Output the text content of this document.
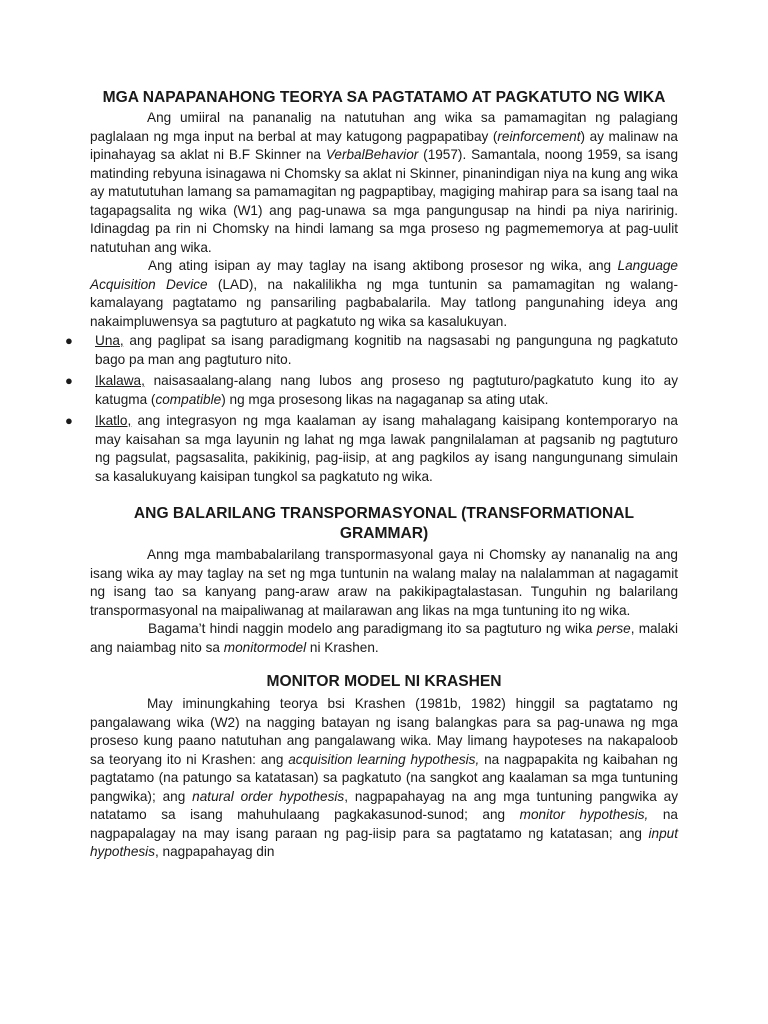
MGA NAPAPANAHONG TEORYA SA PAGTATAMO AT PAGKATUTO NG WIKA

Ang umiiral na pananalig na natutuhan ang wika sa pamamagitan ng palagiang paglalaan ng mga input na berbal at may katugong pagpapatibay (reinforcement) ay malinaw na ipinahayag sa aklat ni B.F Skinner na VerbalBehavior (1957). Samantala, noong 1959, sa isang matinding rebyuna isinagawa ni Chomsky sa aklat ni Skinner, pinanindigan niya na kung ang wika ay matututuhan lamang sa pamamagitan ng pagpaptibay, magiging mahirap para sa isang taal na tagapagsalita ng wika (W1) ang pag-unawa sa mga pangungusap na hindi pa niya naririnig. Idinagdag pa rin ni Chomsky na hindi lamang sa mga proseso ng pagmememorya at pag-uulit natutuhan ang wika.

Ang ating isipan ay may taglay na isang aktibong prosesor ng wika, ang Language Acquisition Device (LAD), na nakalilikha ng mga tuntunin sa pamamagitan ng walang-kamalayang pagtatamo ng pansariling pagbabalarila. May tatlong pangunahing ideya ang nakaimpluwensya sa pagtuturo at pagkatuto ng wika sa kasalukuyan.

● Una, ang paglipat sa isang paradigmang kognitib na nagsasabi ng pangunguna ng pagkatuto bago pa man ang pagtuturo nito.
● Ikalawa, naisasaalang-alang nang lubos ang proseso ng pagtuturo/pagkatuto kung ito ay katugma (compatible) ng mga prosesong likas na nagaganap sa ating utak.
● Ikatlo, ang integrasyon ng mga kaalaman ay isang mahalagang kaisipang kontemporaryo na may kaisahan sa mga layunin ng lahat ng mga lawak pangnilalaman at pagsanib ng pagtuturo ng pagsulat, pagsasalita, pakikinig, pag-iisip, at ang pagkilos ay isang nangungunang simulain sa kasalukuyang kaisipan tungkol sa pagkatuto ng wika.
ANG BALARILANG TRANSPORMASYONAL (TRANSFORMATIONAL GRAMMAR)

Anng mga mambabalarilang transpormasyonal gaya ni Chomsky ay nananalig na ang isang wika ay may taglay na set ng mga tuntunin na walang malay na nalalamman at nagagamit ng isang tao sa kanyang pang-araw araw na pakikipagtalastasan. Tunguhin ng balarilang transpormasyonal na maipaliwanag at mailarawan ang likas na mga tuntuning ito ng wika.

Bagama’t hindi naggin modelo ang paradigmang ito sa pagtuturo ng wika perse, malaki ang naiambag nito sa monitormodel ni Krashen.

MONITOR MODEL NI KRASHEN

May iminungkahing teorya bsi Krashen (1981b, 1982) hinggil sa pagtatamo ng pangalawang wika (W2) na nagging batayan ng isang balangkas para sa pag-unawa ng mga proseso kung paano natutuhan ang pangalawang wika. May limang haypoteses na nakapaloob sa teoryang ito ni Krashen: ang acquisition learning hypothesis, na nagpapakita ng kaibahan ng pagtatamo (na patungo sa katatasan) sa pagkatuto (na sangkot ang kaalaman sa mga tuntuning pangwika); ang natural order hypothesis, nagpapahayag na ang mga tuntuning pangwika ay natatamo sa isang mahuhulaang pagkakasunod-sunod; ang monitor hypothesis, na nagpapalagay na may isang paraan ng pag-iisip para sa pagtatamo ng katatasan; ang input hypothesis, nagpapahayag din
